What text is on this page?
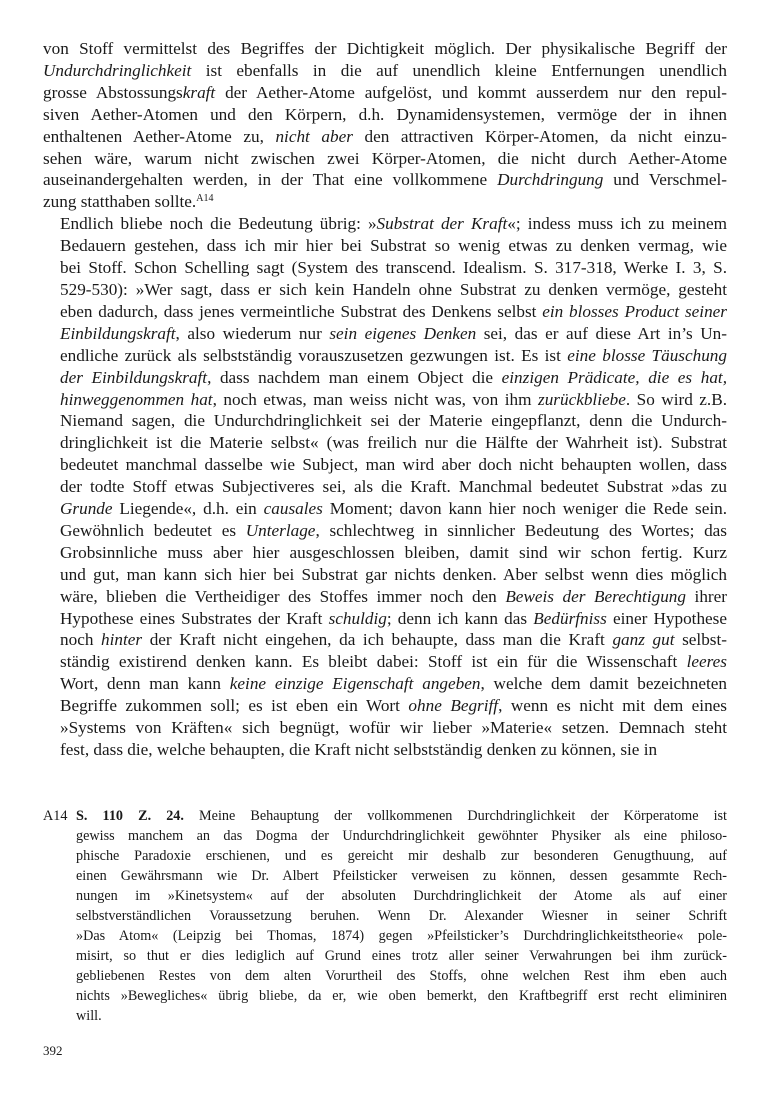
von Stoff vermittelst des Begriffes der Dichtigkeit möglich. Der physikalische Begriff der
Undurchdringlichkeit ist ebenfalls in die auf unendlich kleine Entfernungen unendlich
grosse Abstossungskraft der Aether-Atome aufgelöst, und kommt ausserdem nur den repul-
siven Aether-Atomen und den Körpern, d.h. Dynamidensystemen, vermöge der in ihnen
enthaltenen Aether-Atome zu, nicht aber den attractiven Körper-Atomen, da nicht einzu-
sehen wäre, warum nicht zwischen zwei Körper-Atomen, die nicht durch Aether-Atome
auseinandergehalten werden, in der That eine vollkommene Durchdringung und Verschmel-
zung statthaben sollte.$^{A14}$

Endlich bliebe noch die Bedeutung übrig: »Substrat der Kraft«; indess muss ich zu meinem
Bedauern gestehen, dass ich mir hier bei Substrat so wenig etwas zu denken vermag, wie
bei Stoff. Schon Schelling sagt (System des transcend. Idealism. S. 317-318, Werke I. 3, S.
529-530): »Wer sagt, dass er sich kein Handeln ohne Substrat zu denken vermöge, gesteht
eben dadurch, dass jenes vermeintliche Substrat des Denkens selbst ein blosses Product seiner
Einbildungskraft, also wiederum nur sein eigenes Denken sei, das er auf diese Art in’s Un-
endliche zurück als selbstständig vorauszusetzen gezwungen ist. Es ist eine blosse Täuschung
der Einbildungskraft, dass nachdem man einem Object die einzigen Prädicate, die es hat,
hinweggenommen hat, noch etwas, man weiss nicht was, von ihm zurückbliebe. So wird z.B.
Niemand sagen, die Undurchdringlichkeit sei der Materie eingepflanzt, denn die Undurch-
dringlichkeit ist die Materie selbst« (was freilich nur die Hälfte der Wahrheit ist). Substrat
bedeutet manchmal dasselbe wie Subject, man wird aber doch nicht behaupten wollen, dass
der todte Stoff etwas Subjectiveres sei, als die Kraft. Manchmal bedeutet Substrat »das zu
Grunde Liegende«, d.h. ein causales Moment; davon kann hier noch weniger die Rede sein.
Gewöhnlich bedeutet es Unterlage, schlechtweg in sinnlicher Bedeutung des Wortes; das
Grobsinnliche muss aber hier ausgeschlossen bleiben, damit sind wir schon fertig. Kurz
und gut, man kann sich hier bei Substrat gar nichts denken. Aber selbst wenn dies möglich
wäre, blieben die Vertheidiger des Stoffes immer noch den Beweis der Berechtigung ihrer
Hypothese eines Substrates der Kraft schuldig; denn ich kann das Bedürfniss einer Hypothese
noch hinter der Kraft nicht eingehen, da ich behaupte, dass man die Kraft ganz gut selbst-
ständig existirend denken kann. Es bleibt dabei: Stoff ist ein für die Wissenschaft leeres
Wort, denn man kann keine einzige Eigenschaft angeben, welche dem damit bezeichneten
Begriffe zukommen soll; es ist eben ein Wort ohne Begriff, wenn es nicht mit dem eines
»Systems von Kräften« sich begnügt, wofür wir lieber »Materie« setzen. Demnach steht
fest, dass die, welche behaupten, die Kraft nicht selbstständig denken zu können, sie in

A14 S. 110 Z. 24. Meine Behauptung der vollkommenen Durchdringlichkeit der Körperatome ist
gewiss manchem an das Dogma der Undurchdringlichkeit gewöhnter Physiker als eine philoso-
phische Paradoxie erschienen, und es gereicht mir deshalb zur besonderen Genugthuung, auf
einen Gewährsmann wie Dr. Albert Pfeilsticker verweisen zu können, dessen gesammte Rech-
nungen im »Kinetsystem« auf der absoluten Durchdringlichkeit der Atome als auf einer
selbstverständlichen Voraussetzung beruhen. Wenn Dr. Alexander Wiesner in seiner Schrift
»Das Atom« (Leipzig bei Thomas, 1874) gegen »Pfeilsticker’s Durchdringlichkeitstheorie« pole-
misirt, so thut er dies lediglich auf Grund eines trotz aller seiner Verwahrungen bei ihm zurück-
gebliebenen Restes von dem alten Vorurtheil des Stoffs, ohne welchen Rest ihm eben auch
nichts »Bewegliches« übrig bliebe, da er, wie oben bemerkt, den Kraftbegriff erst recht eliminiren
will.
392
